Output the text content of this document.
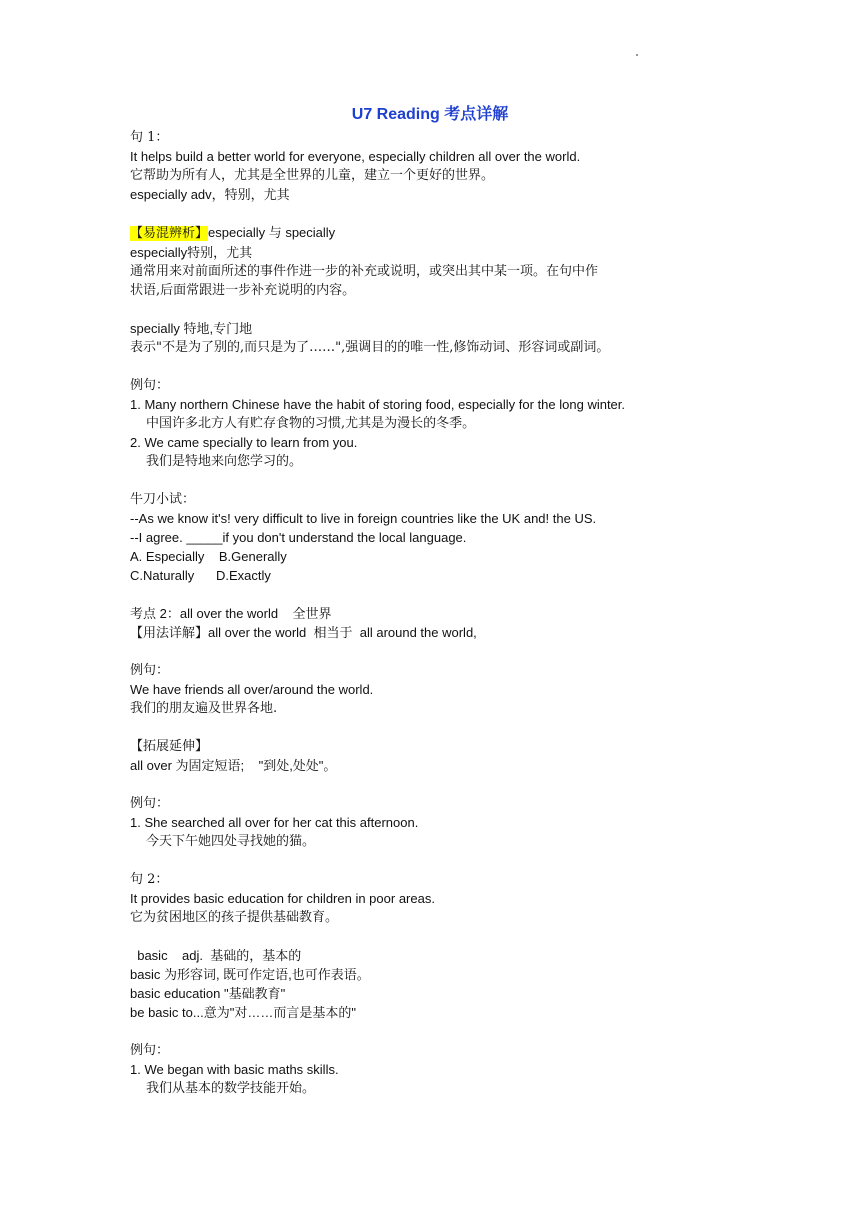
U7 Reading 考点详解

句 1：

It helps build a better world for everyone, especially children all over the world.

它帮助为所有人，尤其是全世界的儿童，建立一个更好的世界。

especially adv，特别，尤其

【易混辨析】especially 与 specially

especially特别，尤其

通常用来对前面所述的事件作进一步的补充或说明，或突出其中某一项。在句中作

状语,后面常跟进一步补充说明的内容。

specially 特地,专门地

表示"不是为了别的,而只是为了……",强调目的的唯一性,修饰动词、形容词或副词。

例句：

1. Many northern Chinese have the habit of storing food, especially for the long winter.

中国许多北方人有贮存食物的习惯,尤其是为漫长的冬季。

2. We came specially to learn from you.

我们是特地来向您学习的。

牛刀小试：

--As we know it's! very difficult to live in foreign countries like the UK and! the US.

--I agree. _____if you don't understand the local language.

A. Especially    B.Generally

C.Naturally      D.Exactly

考点 2：all over the world    全世界

【用法详解】all over the world  相当于  all around the world,

例句：

We have friends all over/around the world.

我们的朋友遍及世界各地.

【拓展延伸】

all over 为固定短语;    "到处,处处"。

例句：

1. She searched all over for her cat this afternoon.

今天下午她四处寻找她的猫。

句 2：

It provides basic education for children in poor areas.

它为贫困地区的孩子提供基础教育。

basic    adj.  基础的，基本的

basic 为形容词, 既可作定语,也可作表语。

basic education "基础教育"

be basic to...意为"对……而言是基本的"

例句：

1. We began with basic maths skills.

我们从基本的数学技能开始。
